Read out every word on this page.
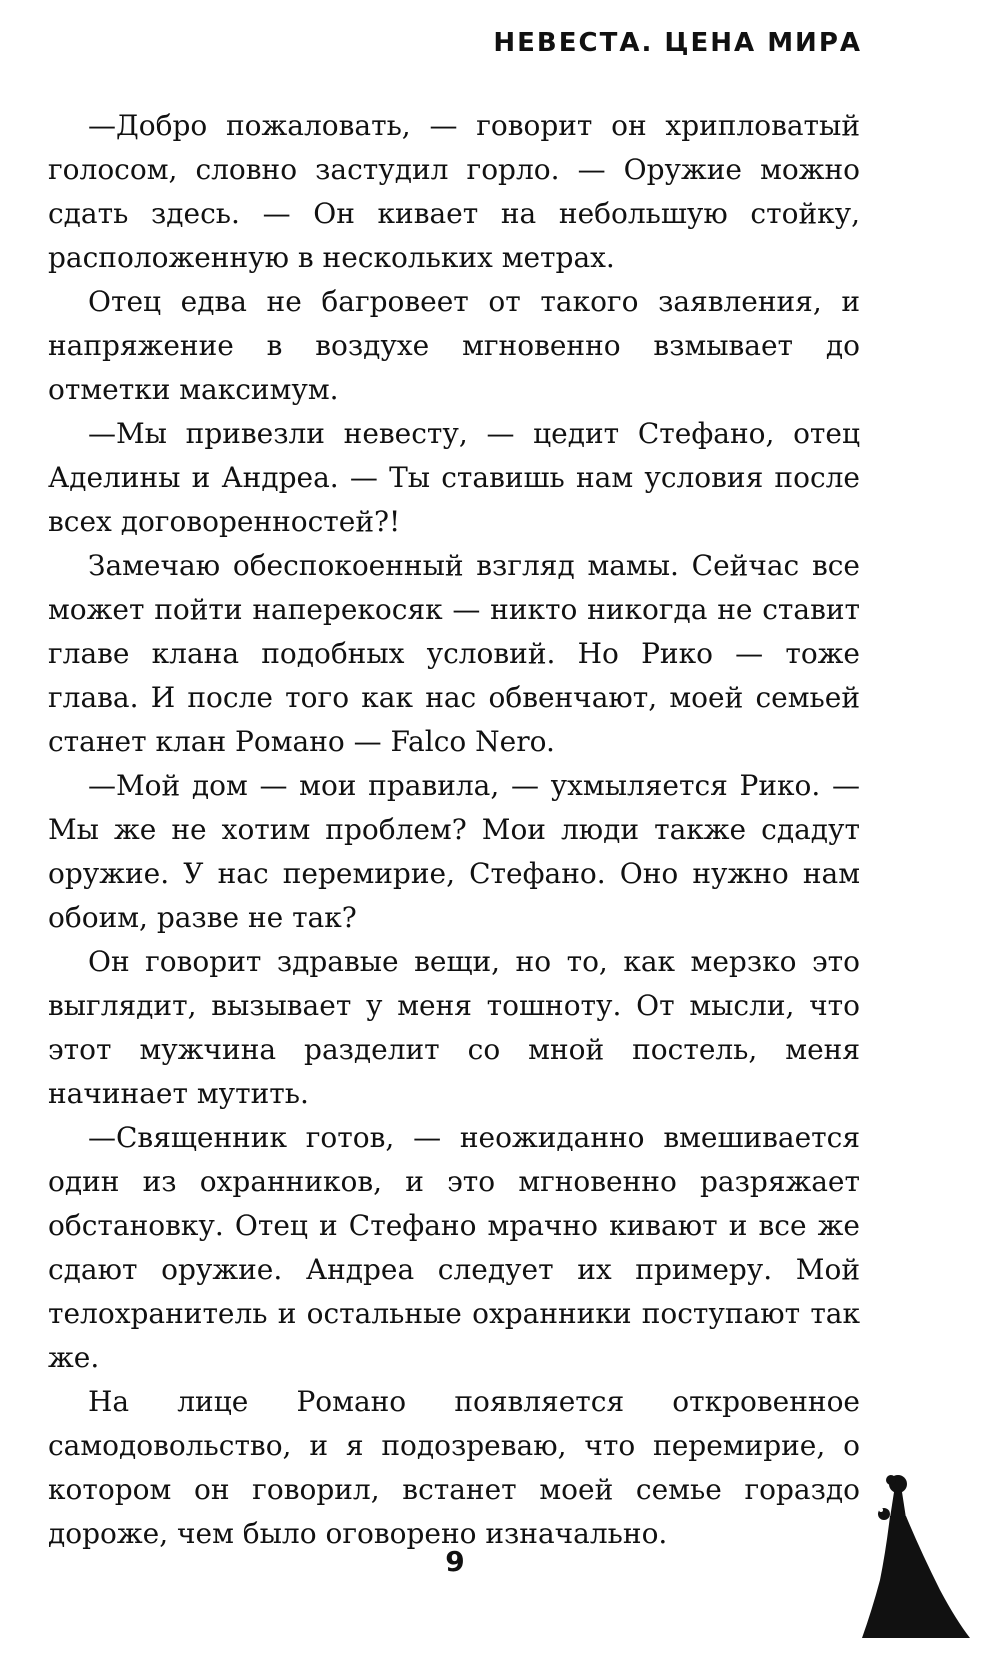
НЕВЕСТА. ЦЕНА МИРА

—Добро пожаловать, — говорит он хрипловатый голосом, словно застудил горло. — Оружие можно сдать здесь. — Он кивает на небольшую стойку, расположенную в нескольких метрах.

Отец едва не багровеет от такого заявления, и напряжение в воздухе мгновенно взмывает до отметки максимум.

—Мы привезли невесту, — цедит Стефано, отец Аделины и Андреа. — Ты ставишь нам условия после всех договоренностей?!

Замечаю обеспокоенный взгляд мамы. Сейчас все может пойти наперекосяк — никто никогда не ставит главе клана подобных условий. Но Рико — тоже глава. И после того как нас обвенчают, моей семьей станет клан Романо — Falco Nero.

—Мой дом — мои правила, — ухмыляется Рико. — Мы же не хотим проблем? Мои люди также сдадут оружие. У нас перемирие, Стефано. Оно нужно нам обоим, разве не так?

Он говорит здравые вещи, но то, как мерзко это выглядит, вызывает у меня тошноту. От мысли, что этот мужчина разделит со мной постель, меня начинает мутить.

—Священник готов, — неожиданно вмешивается один из охранников, и это мгновенно разряжает обстановку. Отец и Стефано мрачно кивают и все же сдают оружие. Андреа следует их примеру. Мой телохранитель и остальные охранники поступают так же.

На лице Романо появляется откровенное самодовольство, и я подозреваю, что перемирие, о котором он говорил, встанет моей семье гораздо дороже, чем было оговорено изначально.

9
